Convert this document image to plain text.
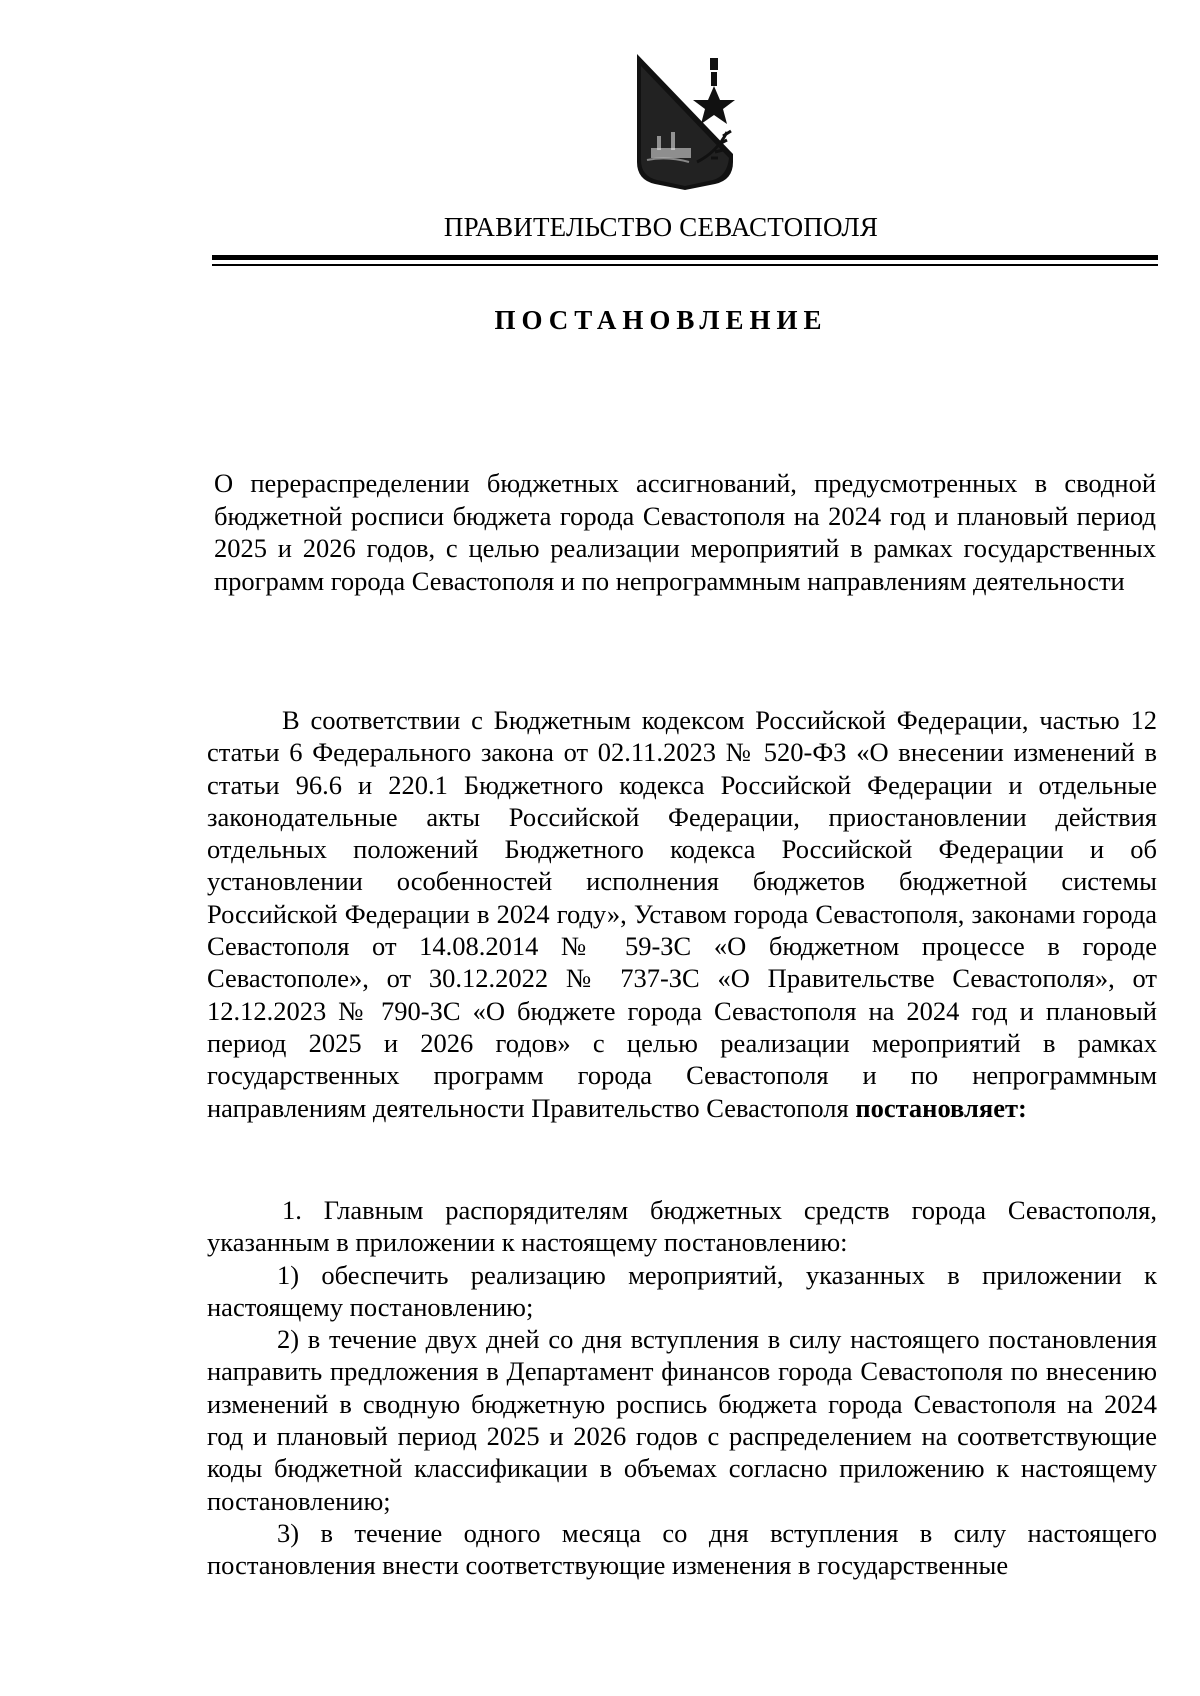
ПРАВИТЕЛЬСТВО СЕВАСТОПОЛЯ
ПОСТАНОВЛЕНИЕ
О перераспределении бюджетных ассигнований, предусмотренных в сводной бюджетной росписи бюджета города Севастополя на 2024 год и плановый период 2025 и 2026 годов, с целью реализации мероприятий в рамках государственных программ города Севастополя и по непрограммным направлениям деятельности
В соответствии с Бюджетным кодексом Российской Федерации, частью 12 статьи 6 Федерального закона от 02.11.2023 № 520-ФЗ «О внесении изменений в статьи 96.6 и 220.1 Бюджетного кодекса Российской Федерации и отдельные законодательные акты Российской Федерации, приостановлении действия отдельных положений Бюджетного кодекса Российской Федерации и об установлении особенностей исполнения бюджетов бюджетной системы Российской Федерации в 2024 году», Уставом города Севастополя, законами города Севастополя от 14.08.2014 № 59-ЗС «О бюджетном процессе в городе Севастополе», от 30.12.2022 № 737-ЗС «О Правительстве Севастополя», от 12.12.2023 № 790-ЗС «О бюджете города Севастополя на 2024 год и плановый период 2025 и 2026 годов» с целью реализации мероприятий в рамках государственных программ города Севастополя и по непрограммным направлениям деятельности Правительство Севастополя постановляет:

1. Главным распорядителям бюджетных средств города Севастополя, указанным в приложении к настоящему постановлению:

1) обеспечить реализацию мероприятий, указанных в приложении к настоящему постановлению;

2) в течение двух дней со дня вступления в силу настоящего постановления направить предложения в Департамент финансов города Севастополя по внесению изменений в сводную бюджетную роспись бюджета города Севастополя на 2024 год и плановый период 2025 и 2026 годов с распределением на соответствующие коды бюджетной классификации в объемах согласно приложению к настоящему постановлению;

3) в течение одного месяца со дня вступления в силу настоящего постановления внести соответствующие изменения в государственные
